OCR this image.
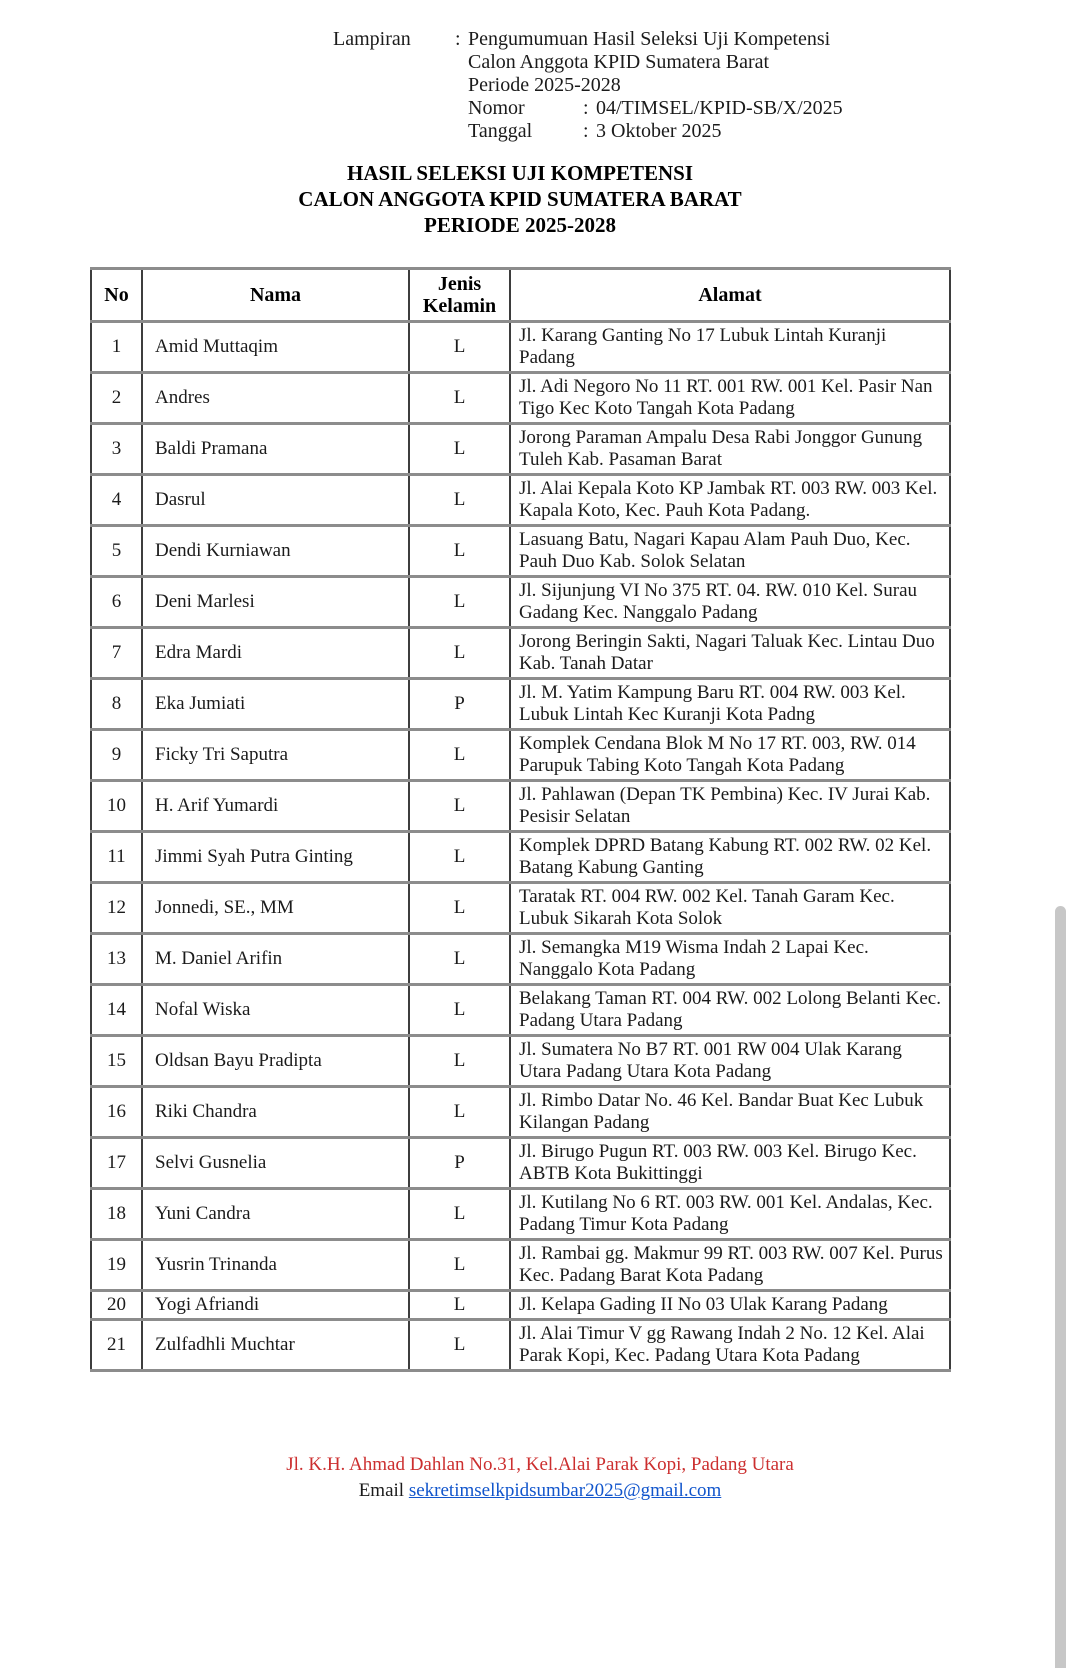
Lampiran	: Pengumumuan Hasil Seleksi Uji Kompetensi
Calon Anggota KPID Sumatera Barat
Periode 2025-2028
Nomor	: 04/TIMSEL/KPID-SB/X/2025
Tanggal	: 3 Oktober 2025
HASIL SELEKSI UJI KOMPETENSI
CALON ANGGOTA KPID SUMATERA BARAT
PERIODE 2025-2028
No	Nama	Jenis Kelamin	Alamat
1	Amid Muttaqim	L	Jl. Karang Ganting No 17 Lubuk Lintah Kuranji Padang
2	Andres	L	Jl. Adi Negoro No 11 RT. 001 RW. 001 Kel. Pasir Nan Tigo Kec Koto Tangah Kota Padang
3	Baldi Pramana	L	Jorong Paraman Ampalu Desa Rabi Jonggor Gunung Tuleh Kab. Pasaman Barat
4	Dasrul	L	Jl. Alai Kepala Koto KP Jambak RT. 003 RW. 003 Kel. Kapala Koto, Kec. Pauh Kota Padang.
5	Dendi Kurniawan	L	Lasuang Batu, Nagari Kapau Alam Pauh Duo, Kec. Pauh Duo Kab. Solok Selatan
6	Deni Marlesi	L	Jl. Sijunjung VI No 375 RT. 04. RW. 010 Kel. Surau Gadang Kec. Nanggalo Padang
7	Edra Mardi	L	Jorong Beringin Sakti, Nagari Taluak Kec. Lintau Duo Kab. Tanah Datar
8	Eka Jumiati	P	Jl. M. Yatim Kampung Baru RT. 004 RW. 003 Kel. Lubuk Lintah Kec Kuranji Kota Padng
9	Ficky Tri Saputra	L	Komplek Cendana Blok M No 17 RT. 003, RW. 014 Parupuk Tabing Koto Tangah Kota Padang
10	H. Arif Yumardi	L	Jl. Pahlawan (Depan TK Pembina) Kec. IV Jurai Kab. Pesisir Selatan
11	Jimmi Syah Putra Ginting	L	Komplek DPRD Batang Kabung RT. 002 RW. 02 Kel. Batang Kabung Ganting
12	Jonnedi, SE., MM	L	Taratak RT. 004 RW. 002 Kel. Tanah Garam Kec. Lubuk Sikarah Kota Solok
13	M. Daniel Arifin	L	Jl. Semangka M19 Wisma Indah 2 Lapai Kec. Nanggalo Kota Padang
14	Nofal Wiska	L	Belakang Taman RT. 004 RW. 002 Lolong Belanti Kec. Padang Utara Padang
15	Oldsan Bayu Pradipta	L	Jl. Sumatera No B7 RT. 001 RW 004 Ulak Karang Utara Padang Utara Kota Padang
16	Riki Chandra	L	Jl. Rimbo Datar No. 46 Kel. Bandar Buat Kec Lubuk Kilangan Padang
17	Selvi Gusnelia	P	Jl. Birugo Pugun RT. 003 RW. 003 Kel. Birugo Kec. ABTB Kota Bukittinggi
18	Yuni Candra	L	Jl. Kutilang No 6 RT. 003 RW. 001 Kel. Andalas, Kec. Padang Timur Kota Padang
19	Yusrin Trinanda	L	Jl. Rambai gg. Makmur 99 RT. 003 RW. 007 Kel. Purus Kec. Padang Barat Kota Padang
20	Yogi Afriandi	L	Jl. Kelapa Gading II No 03 Ulak Karang Padang
21	Zulfadhli Muchtar	L	Jl. Alai Timur V gg Rawang Indah 2 No. 12 Kel. Alai Parak Kopi, Kec. Padang Utara Kota Padang
Jl. K.H. Ahmad Dahlan No.31, Kel.Alai Parak Kopi, Padang Utara
Email sekretimselkpidsumbar2025@gmail.com
